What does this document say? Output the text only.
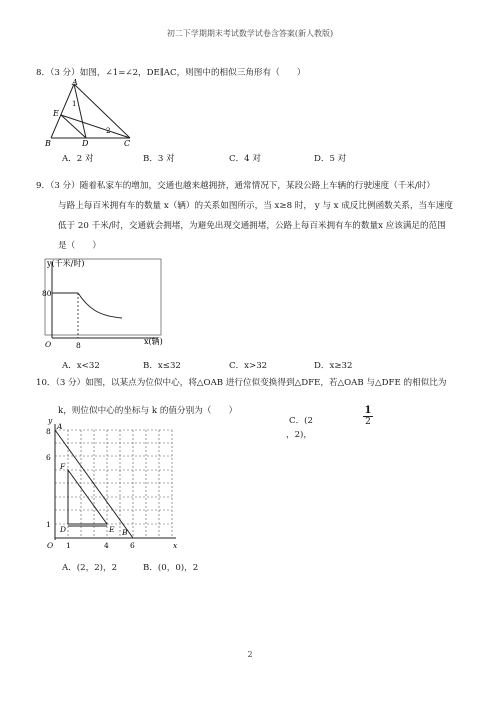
初二下学期期末考试数学试卷含答案(新人教版)
8．（3 分）如图，∠1=∠2，DE∥AC，则图中的相似三角形有（　　）
A
E
1
2
B	D	C
A．2 对	B．3 对	C．4 对	D．5 对
9．（3 分）随着私家车的增加，交通也越来越拥挤，通常情况下，某段公路上车辆的行驶速度（千米/时）
与路上每百米拥有车的数量 x（辆）的关系如图所示，当 x≥8 时， y 与 x 成反比例函数关系，当车速度
低于 20 千米/时，交通就会拥堵，为避免出现交通拥堵，公路上每百米拥有车的数量x 应该满足的范围
是（　　）
y(千米/时)
80
8
O	x(辆)
A．x<32	B．x≤32	C．x>32	D．x≥32
10．（3 分）如图，以某点为位似中心，将△OAB 进行位似变换得到△DFE，若△OAB 与△DFE 的相似比为
k，则位似中心的坐标与 k 的值分别为（　　）
C．(2
，2)，
$\frac{1}{2}$
8
6
1
1	4	6
A
F
D	E B
O	x
y
A．(2，2)，2	B．(0，0)，2
2
